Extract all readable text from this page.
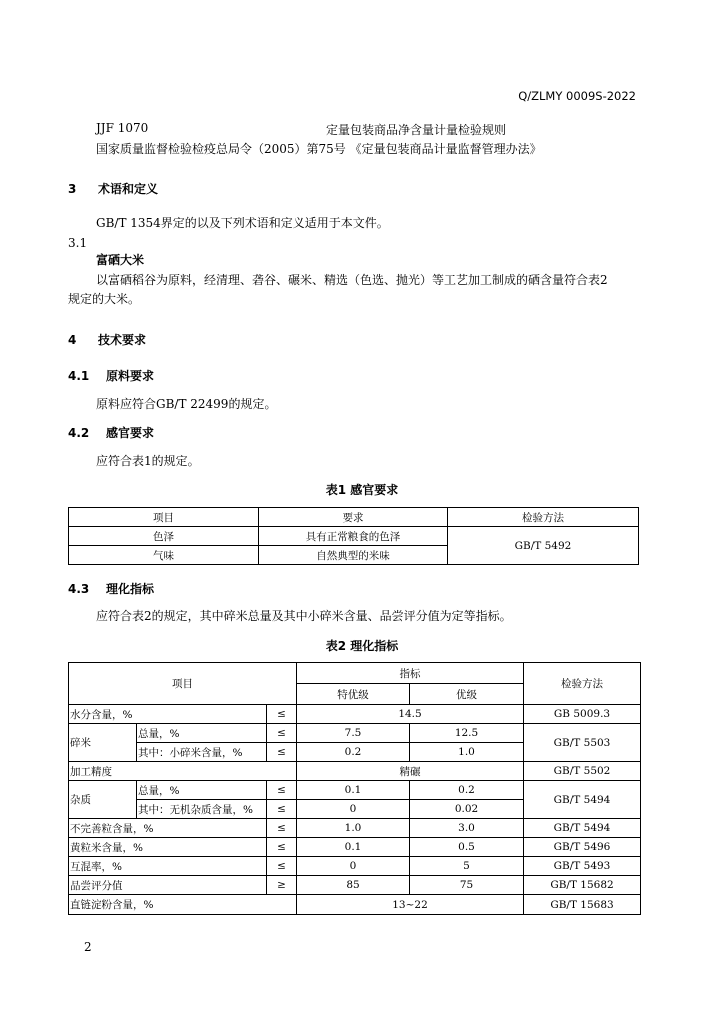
Q/ZLMY 0009S-2022
JJF 1070	定量包装商品净含量计量检验规则
国家质量监督检验检疫总局令（2005）第75号 《定量包装商品计量监督管理办法》
3 术语和定义
GB/T 1354界定的以及下列术语和定义适用于本文件。
3.1
富硒大米
以富硒稻谷为原料，经清理、砻谷、碾米、精选（色选、抛光）等工艺加工制成的硒含量符合表2
规定的大米。
4 技术要求
4.1 原料要求
原料应符合GB/T 22499的规定。
4.2 感官要求
应符合表1的规定。
表1 感官要求
项目	要求	检验方法
色泽	具有正常粮食的色泽	GB/T 5492
气味	自然典型的米味	
4.3 理化指标
应符合表2的规定，其中碎米总量及其中小碎米含量、品尝评分值为定等指标。
表2 理化指标
项目			指标		检验方法
			特优级	优级	
水分含量，%		≤	14.5		GB 5009.3
碎米	总量，%	≤	7.5	12.5	GB/T 5503
	其中：小碎米含量，%	≤	0.2	1.0	
加工精度			精碾		GB/T 5502
杂质	总量，%	≤	0.1	0.2	GB/T 5494
	其中：无机杂质含量，%	≤	0	0.02	
不完善粒含量，%		≤	1.0	3.0	GB/T 5494
黄粒米含量，%		≤	0.1	0.5	GB/T 5496
互混率，%		≤	0	5	GB/T 5493
品尝评分值		≥	85	75	GB/T 15682
直链淀粉含量，%			13~22		GB/T 15683
2
